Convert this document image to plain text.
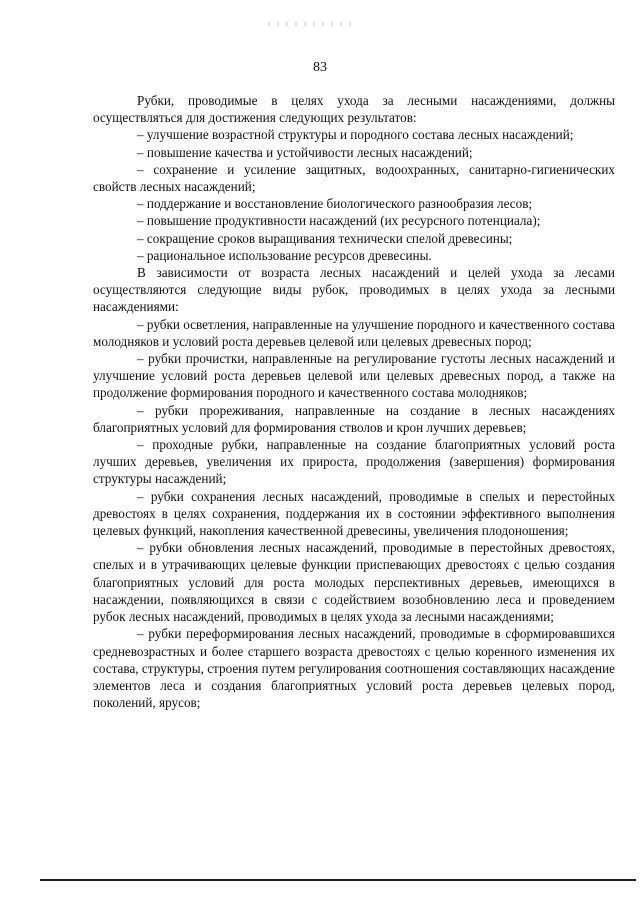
83

Рубки, проводимые в целях ухода за лесными насаждениями, должны осуществляться для достижения следующих результатов:

– улучшение возрастной структуры и породного состава лесных насаждений;

– повышение качества и устойчивости лесных насаждений;

– сохранение и усиление защитных, водоохранных, санитарно-гигиенических свойств лесных насаждений;

– поддержание и восстановление биологического разнообразия лесов;

– повышение продуктивности насаждений (их ресурсного потенциала);

– сокращение сроков выращивания технически спелой древесины;

– рациональное использование ресурсов древесины.

В зависимости от возраста лесных насаждений и целей ухода за лесами осуществляются следующие виды рубок, проводимых в целях ухода за лесными насаждениями:

– рубки осветления, направленные на улучшение породного и качественного состава молодняков и условий роста деревьев целевой или целевых древесных пород;

– рубки прочистки, направленные на регулирование густоты лесных насаждений и улучшение условий роста деревьев целевой или целевых древесных пород, а также на продолжение формирования породного и качественного состава молодняков;

– рубки прореживания, направленные на создание в лесных насаждениях благоприятных условий для формирования стволов и крон лучших деревьев;

– проходные рубки, направленные на создание благоприятных условий роста лучших деревьев, увеличения их прироста, продолжения (завершения) формирования структуры насаждений;

– рубки сохранения лесных насаждений, проводимые в спелых и перестойных древостоях в целях сохранения, поддержания их в состоянии эффективного выполнения целевых функций, накопления качественной древесины, увеличения плодоношения;

– рубки обновления лесных насаждений, проводимые в перестойных древостоях, спелых и в утрачивающих целевые функции приспевающих древостоях с целью создания благоприятных условий для роста молодых перспективных деревьев, имеющихся в насаждении, появляющихся в связи с содействием возобновлению леса и проведением рубок лесных насаждений, проводимых в целях ухода за лесными насаждениями;

– рубки переформирования лесных насаждений, проводимые в сформировавшихся средневозрастных и более старшего возраста древостоях с целью коренного изменения их состава, структуры, строения путем регулирования соотношения составляющих насаждение элементов леса и создания благоприятных условий роста деревьев целевых пород, поколений, ярусов;
